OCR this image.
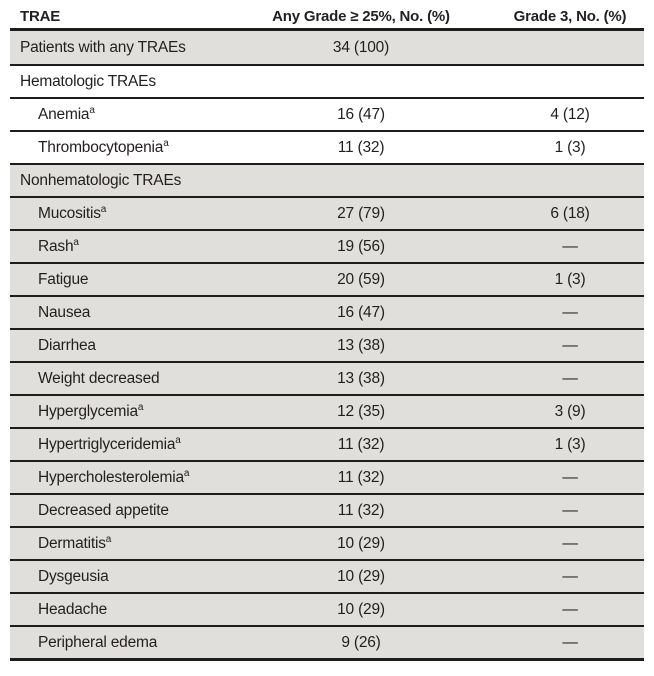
TRAE	Any Grade ≥ 25%, No. (%)	Grade 3, No. (%)
Patients with any TRAEs	34 (100)
Hematologic TRAEs
Anemia$^a$	16 (47)	4 (12)
Thrombocytopenia$^a$	11 (32)	1 (3)
Nonhematologic TRAEs
Mucositis$^a$	27 (79)	6 (18)
Rash$^a$	19 (56)	—
Fatigue	20 (59)	1 (3)
Nausea	16 (47)	—
Diarrhea	13 (38)	—
Weight decreased	13 (38)	—
Hyperglycemia$^a$	12 (35)	3 (9)
Hypertriglyceridemia$^a$	11 (32)	1 (3)
Hypercholesterolemia$^a$	11 (32)	—
Decreased appetite	11 (32)	—
Dermatitis$^a$	10 (29)	—
Dysgeusia	10 (29)	—
Headache	10 (29)	—
Peripheral edema	9 (26)	—
